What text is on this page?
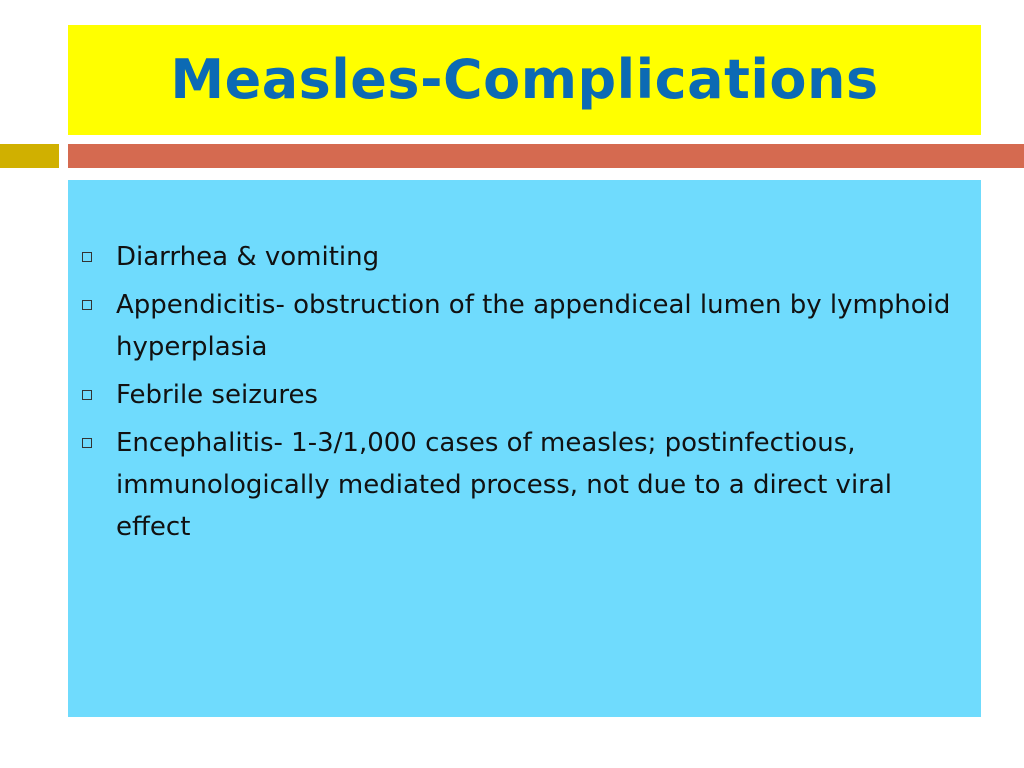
Measles-Complications
Diarrhea & vomiting
Appendicitis- obstruction of the appendiceal lumen by lymphoid hyperplasia
Febrile seizures
Encephalitis- 1-3/1,000 cases of measles; postinfectious, immunologically mediated process, not due to a direct viral effect
